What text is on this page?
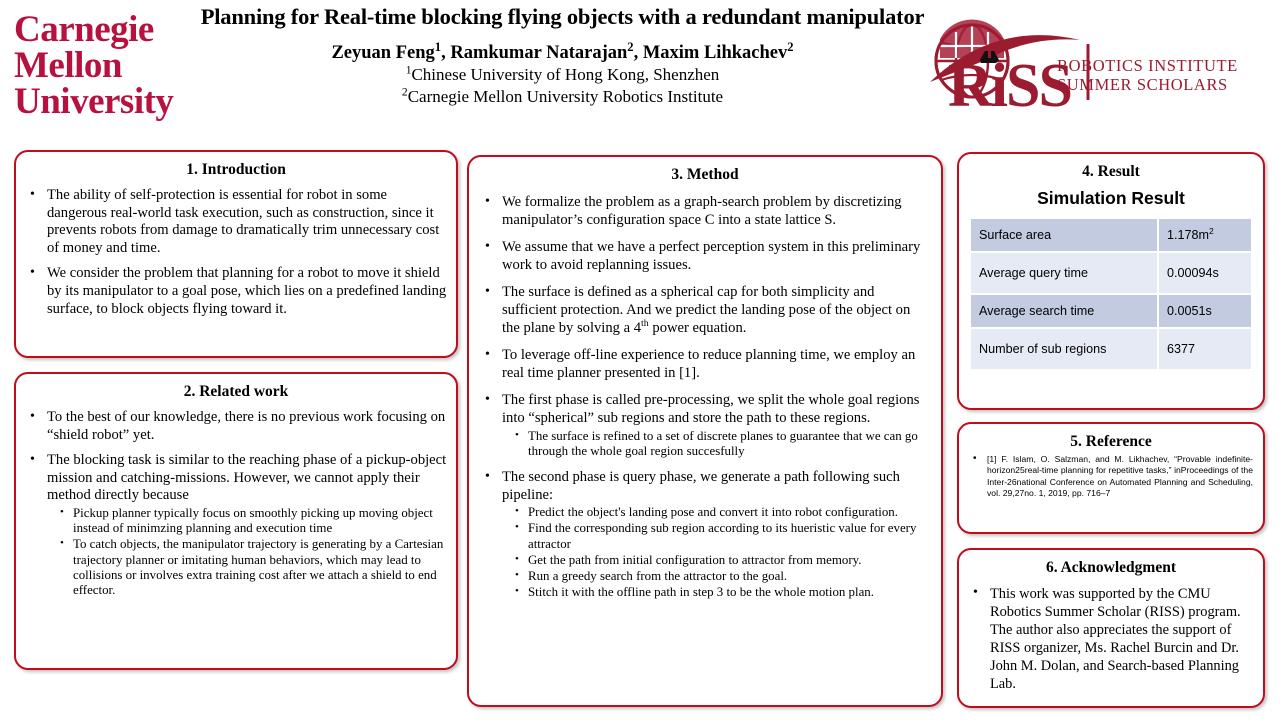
Carnegie
Mellon
University
Planning for Real-time blocking flying objects with a redundant manipulator
Zeyuan Feng$^1$, Ramkumar Natarajan$^2$, Maxim Lihkachev$^2$
$^1$Chinese University of Hong Kong, Shenzhen
$^2$Carnegie Mellon University Robotics Institute	RiSS
ROBOTICS INSTITUTE
SUMMER SCHOLARS
1. Introduction
• The ability of self-protection is essential for robot in some dangerous real-world task execution, such as construction, since it prevents robots from damage to dramatically trim unnecessary cost of money and time.
• We consider the problem that planning for a robot to move it shield by its manipulator to a goal pose, which lies on a predefined landing surface, to block objects flying toward it.
2. Related work
• To the best of our knowledge, there is no previous work focusing on “shield robot” yet.
• The blocking task is similar to the reaching phase of a pickup-object mission and catching-missions. However, we cannot apply their method directly because
• Pickup planner typically focus on smoothly picking up moving object instead of minimzing planning and execution time
• To catch objects, the manipulator trajectory is generating by a Cartesian trajectory planner or imitating human behaviors, which may lead to collisions or involves extra training cost after we attach a shield to end effector.
3. Method
• We formalize the problem as a graph-search problem by discretizing manipulator’s configuration space C into a state lattice S.
• We assume that we have a perfect perception system in this preliminary work to avoid replanning issues.
• The surface is defined as a spherical cap for both simplicity and sufficient protection. And we predict the landing pose of the object on the plane by solving a 4th power equation.
• To leverage off-line experience to reduce planning time, we employ an real time planner presented in [1].
• The first phase is called pre-processing, we split the whole goal regions into “spherical” sub regions and store the path to these regions.
• The surface is refined to a set of discrete planes to guarantee that we can go through the whole goal region succesfully
• The second phase is query phase, we generate a path following such pipeline:
• Predict the object's landing pose and convert it into robot configuration.
• Find the corresponding sub region according to its hueristic value for every attractor
• Get the path from initial configuration to attractor from memory.
• Run a greedy search from the attractor to the goal.
• Stitch it with the offline path in step 3 to be the whole motion plan.
4. Result
Simulation Result
Surface area	$1.178m^2$
Average query time	0.00094s
Average search time	0.0051s
Number of sub regions	6377
5. Reference
• [1] F. Islam, O. Salzman, and M. Likhachev, “Provable indefinite-horizon25real-time planning for repetitive tasks,” inProceedings of the Inter-26national Conference on Automated Planning and Scheduling, vol. 29,27no. 1, 2019, pp. 716–7
6. Acknowledgment
• This work was supported by the CMU Robotics Summer Scholar (RISS) program. The author also appreciates the support of RISS organizer, Ms. Rachel Burcin and Dr. John M. Dolan, and Search-based Planning Lab.
